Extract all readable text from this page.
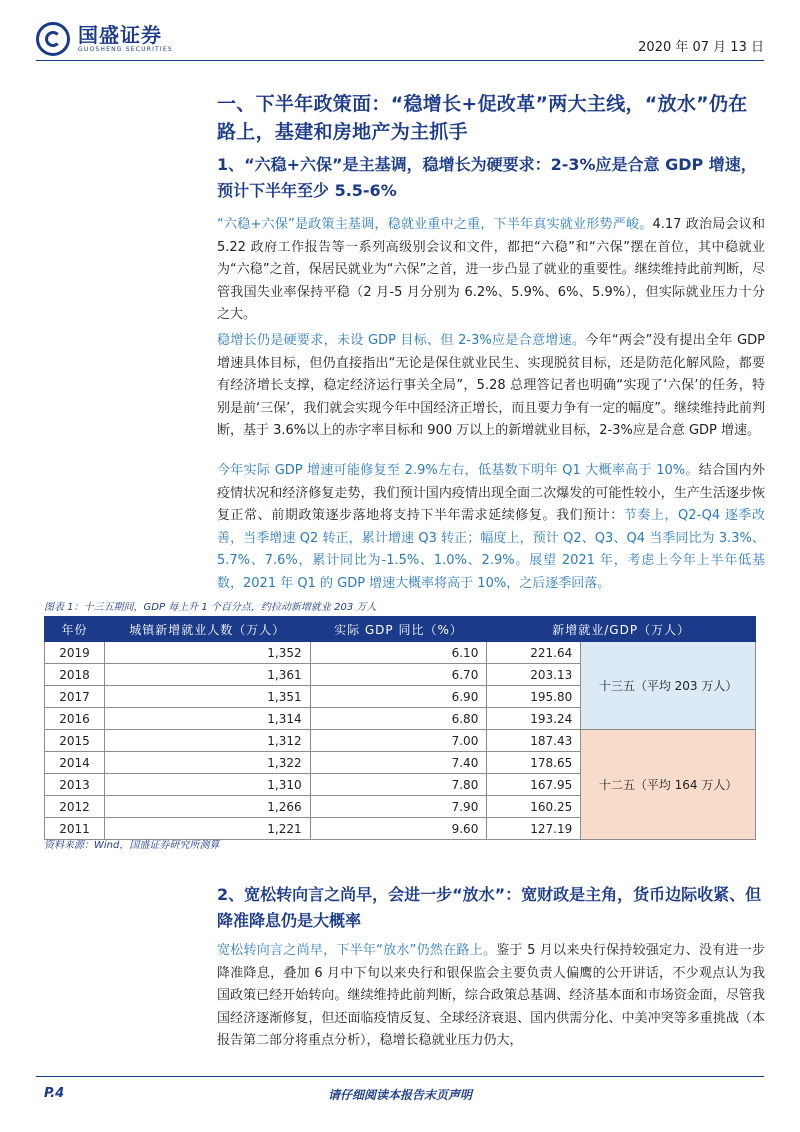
国盛证券
GUOSHENG SECURITIES	2020 年 07 月 13 日
一、下半年政策面：“稳增长+促改革”两大主线，“放水”仍在路上，基建和房地产为主抓手
1、“六稳+六保”是主基调，稳增长为硬要求：2-3%应是合意 GDP 增速，预计下半年至少 5.5-6%
“六稳+六保”是政策主基调，稳就业重中之重，下半年真实就业形势严峻。4.17 政治局会议和 5.22 政府工作报告等一系列高级别会议和文件，都把“六稳”和“六保”摆在首位，其中稳就业为“六稳”之首，保居民就业为“六保”之首，进一步凸显了就业的重要性。继续维持此前判断，尽管我国失业率保持平稳（2 月-5 月分别为 6.2%、5.9%、6%、5.9%），但实际就业压力十分之大。
稳增长仍是硬要求，未设 GDP 目标、但 2-3%应是合意增速。今年“两会”没有提出全年 GDP 增速具体目标，但仍直接指出“无论是保住就业民生、实现脱贫目标，还是防范化解风险，都要有经济增长支撑，稳定经济运行事关全局”，5.28 总理答记者也明确“实现了‘六保’的任务，特别是前‘三保’，我们就会实现今年中国经济正增长，而且要力争有一定的幅度”。继续维持此前判断，基于 3.6%以上的赤字率目标和 900 万以上的新增就业目标，2-3%应是合意 GDP 增速。
今年实际 GDP 增速可能修复至 2.9%左右，低基数下明年 Q1 大概率高于 10%。结合国内外疫情状况和经济修复走势，我们预计国内疫情出现全面二次爆发的可能性较小，生产生活逐步恢复正常、前期政策逐步落地将支持下半年需求延续修复。我们预计：节奏上，Q2-Q4 逐季改善，当季增速 Q2 转正，累计增速 Q3 转正；幅度上，预计 Q2、Q3、Q4 当季同比为 3.3%、5.7%、7.6%，累计同比为-1.5%、1.0%、2.9%。展望 2021 年，考虑上今年上半年低基数，2021 年 Q1 的 GDP 增速大概率将高于 10%，之后逐季回落。
图表 1：十三五期间，GDP 每上升 1 个百分点，约拉动新增就业 203 万人
年份	城镇新增就业人数（万人）	实际 GDP 同比（%）	新增就业/GDP（万人）	
2019	1,352	6.10	221.64	十三五（平均 203 万人）
2018	1,361	6.70	203.13	
2017	1,351	6.90	195.80	
2016	1,314	6.80	193.24	
2015	1,312	7.00	187.43	十二五（平均 164 万人）
2014	1,322	7.40	178.65	
2013	1,310	7.80	167.95	
2012	1,266	7.90	160.25	
2011	1,221	9.60	127.19	
资料来源：Wind，国盛证券研究所测算
2、宽松转向言之尚早，会进一步“放水”：宽财政是主角，货币边际收紧、但降准降息仍是大概率
宽松转向言之尚早，下半年“放水”仍然在路上。鉴于 5 月以来央行保持较强定力、没有进一步降准降息，叠加 6 月中下旬以来央行和银保监会主要负责人偏鹰的公开讲话，不少观点认为我国政策已经开始转向。继续维持此前判断，综合政策总基调、经济基本面和市场资金面，尽管我国经济逐渐修复，但还面临疫情反复、全球经济衰退、国内供需分化、中美冲突等多重挑战（本报告第二部分将重点分析），稳增长稳就业压力仍大，
P.4	请仔细阅读本报告末页声明
